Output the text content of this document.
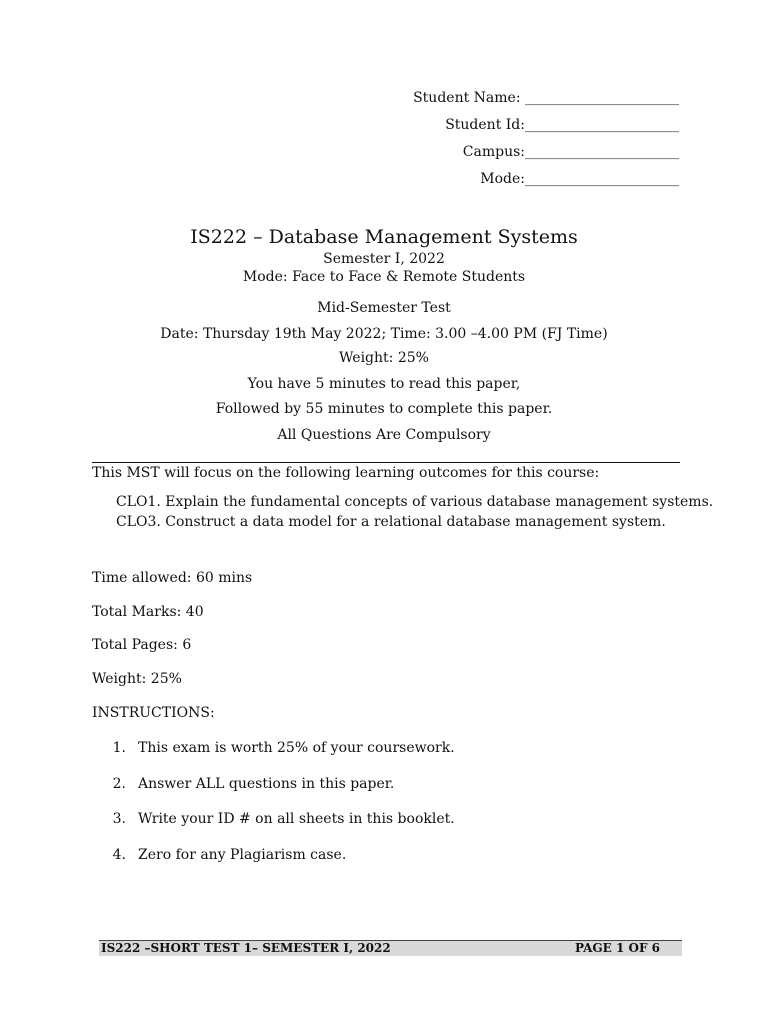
Student Name: ______________________
Student Id:______________________
Campus:______________________
Mode:______________________
IS222 – Database Management Systems
Semester I, 2022
Mode: Face to Face & Remote Students
Mid-Semester Test
Date: Thursday 19th May 2022; Time: 3.00 –4.00 PM (FJ Time)
Weight: 25%
You have 5 minutes to read this paper,
Followed by 55 minutes to complete this paper.
All Questions Are Compulsory
This MST will focus on the following learning outcomes for this course:
CLO1. Explain the fundamental concepts of various database management systems.
CLO3. Construct a data model for a relational database management system.
Time allowed: 60 mins
Total Marks: 40
Total Pages: 6
Weight: 25%
INSTRUCTIONS:
1. This exam is worth 25% of your coursework.
2. Answer ALL questions in this paper.
3. Write your ID # on all sheets in this booklet.
4. Zero for any Plagiarism case.
IS222 –SHORT TEST 1– SEMESTER I, 2022	PAGE 1 OF 6
